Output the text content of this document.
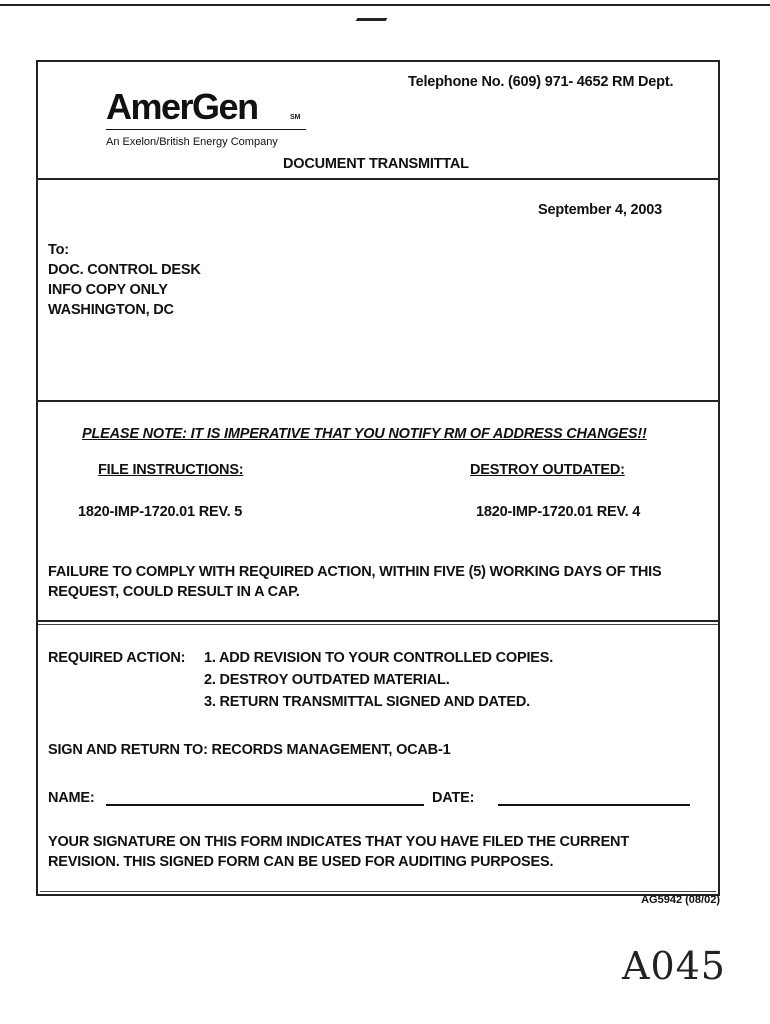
AmerGen	SM
An Exelon/British Energy Company
Telephone No. (609) 971- 4652 RM Dept.
DOCUMENT TRANSMITTAL
September 4, 2003
To:
DOC. CONTROL DESK
INFO COPY ONLY
WASHINGTON, DC
PLEASE NOTE: IT IS IMPERATIVE THAT YOU NOTIFY RM OF ADDRESS CHANGES!!
FILE INSTRUCTIONS:	DESTROY OUTDATED:
1820-IMP-1720.01 REV. 5	1820-IMP-1720.01 REV. 4
FAILURE TO COMPLY WITH REQUIRED ACTION, WITHIN FIVE (5) WORKING DAYS OF THIS
REQUEST, COULD RESULT IN A CAP.
REQUIRED ACTION: 1. ADD REVISION TO YOUR CONTROLLED COPIES.
2. DESTROY OUTDATED MATERIAL.
3. RETURN TRANSMITTAL SIGNED AND DATED.
SIGN AND RETURN TO: RECORDS MANAGEMENT, OCAB-1
NAME:	DATE:
YOUR SIGNATURE ON THIS FORM INDICATES THAT YOU HAVE FILED THE CURRENT
REVISION. THIS SIGNED FORM CAN BE USED FOR AUDITING PURPOSES.
AG5942 (08/02)
A045
